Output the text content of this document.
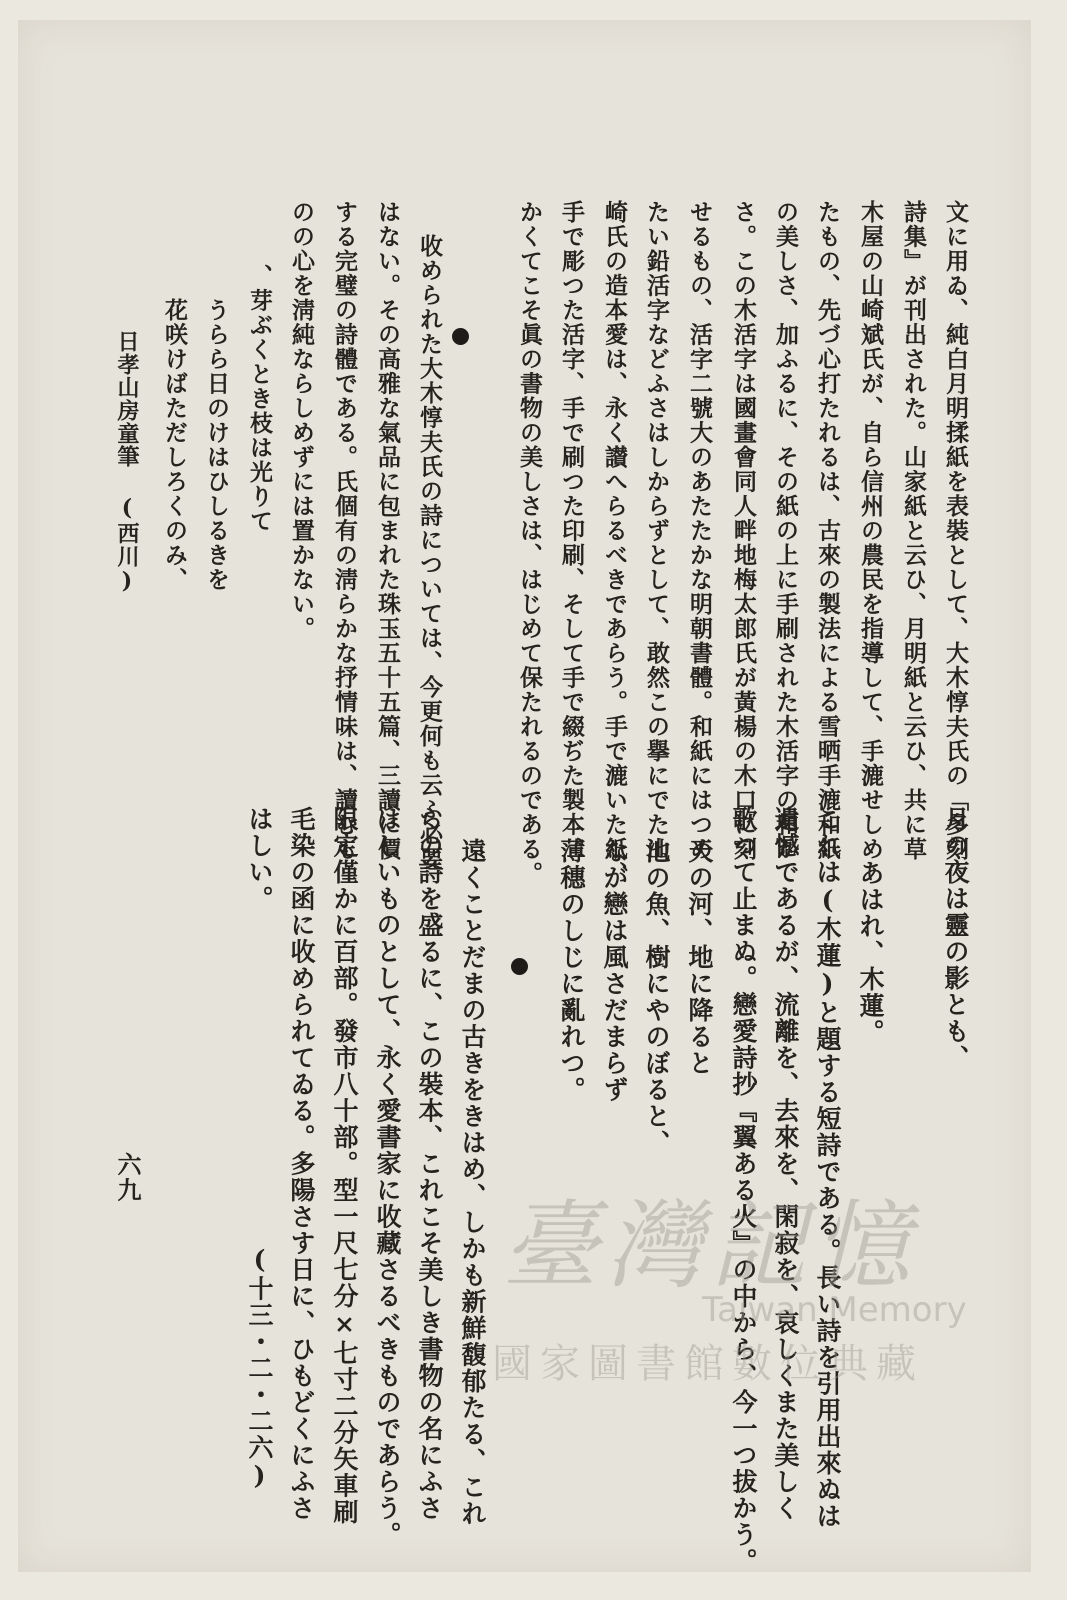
月の夜は靈の影とも、
あはれ、木蓮。
これは(木蓮)と題する短詩である。長い詩を引用出來ぬは
遺憾であるが、流離を、去來を、閑寂を、哀しくまた美しく
歌つて止まぬ。戀愛詩抄『翼ある火』の中から、今一つ拔かう。
天の河、地に降ると
池の魚、樹にやのぼると、
なが戀は風さだまらず
薄穗のしじに亂れつ。
遠くことだまの古きをきはめ、しかも新鮮馥郁たる、これ
らの詩を盛るに、この裝本、これこそ美しき書物の名にふさ
はしいものとして、永く愛書家に收藏さるべきものであらう。
限定僅かに百部。發市八十部。型一尺七分×七寸二分矢車刷
毛染の函に收められてゐる。多陽さす日に、ひもどくにふさ
はしい。
(十三・二・二六)
文に用ゐ、純白月明揉紙を表裝として、大木惇夫氏の「多刻
詩集』が刊出された。山家紙と云ひ、月明紙と云ひ、共に草
木屋の山崎斌氏が、自ら信州の農民を指導して、手漉せしめ
たもの、先づ心打たれるは、古來の製法による雪晒手漉和紙
の美しさ、加ふるに、その紙の上に手刷された木活字の和か
さ。この木活字は國畫會同人畔地梅太郎氏が黃楊の木口に刻
せるもの、活字二號大のあたたかな明朝書體。和紙にはつめ
たい鉛活字などふさはしからずとして、敢然この擧にでた山
崎氏の造本愛は、永く讃へらるべきであらう。手で漉いた紙、
手で彫つた活字、手で刷つた印刷、そして手で綴ぢた製本、
かくてこそ眞の書物の美しさは、はじめて保たれるのである。
收められた大木惇夫氏の詩については、今更何も云ふ必要
はない。その高雅な氣品に包まれた珠玉五十五篇、三讀に價
する完璧の詩體である。氏個有の淸らかな抒情味は、讀むも
のの心を淸純ならしめずには置かない。
、芽ぶくとき枝は光りて
うらら日のけはひしるきを
花咲けばただしろくのみ、
日孝山房童筆 (西川)
六九
臺灣記憶
Taiwan Memory
國家圖書館數位典藏
